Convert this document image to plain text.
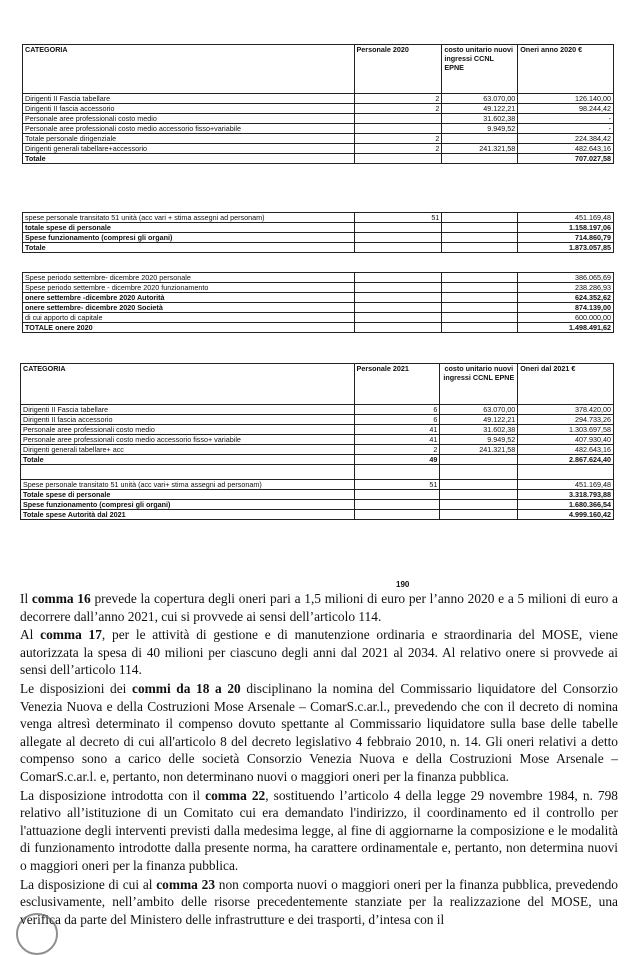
CATEGORIA	Personale 2020	costo unitario nuovi ingressi CCNL EPNE	Oneri anno 2020 €
Dirigenti II Fascia tabellare	2	63.070,00	126.140,00
Dirigenti II fascia accessorio	2	49.122,21	98.244,42
Personale aree professionali costo medio		31.602,38	-
Personale aree professionali costo medio accessorio fisso+variabile		9.949,52	-
Totale personale dirigenziale	2		224.384,42
Dirigenti generali tabellare+accessorio	2	241.321,58	482.643,16
Totale			707.027,58
spese personale transitato 51 unità (acc vari + stima assegni ad personam)	51		451.169,48
totale spese di personale			1.158.197,06
Spese funzionamento (compresi gli organi)			714.860,79
Totale			1.873.057,85
Spese periodo settembre- dicembre 2020 personale			386.065,69
Spese periodo settembre - dicembre 2020 funzionamento			238.286,93
onere settembre -dicembre 2020 Autorità			624.352,62
onere settembre- dicembre 2020 Società			874.139,00
di cui apporto di capitale			600.000,00
TOTALE onere 2020			1.498.491,62
CATEGORIA	Personale 2021	costo unitario nuovi ingressi CCNL EPNE	Oneri dal 2021 €
Dirigenti II Fascia tabellare	6	63.070,00	378.420,00
Dirigenti II fascia accessorio	6	49.122,21	294.733,26
Personale aree professionali costo medio	41	31.602,38	1.303.697,58
Personale aree professionali costo medio accessorio fisso+ variabile	41	9.949,52	407.930,40
Dirigenti generali tabellare+ acc	2	241.321,58	482.643,16
Totale	49		2.867.624,40

Spese personale transitato 51 unità (acc vari+ stima assegni ad personam)	51		451.169,48
Totale spese di personale			3.318.793,88
Spese funzionamento (compresi gli organi)			1.680.366,54
Totale spese Autorità dal 2021			4.999.160,42
190

Il comma 16 prevede la copertura degli oneri pari a 1,5 milioni di euro per l’anno 2020 e a 5 milioni di euro a decorrere dall’anno 2021, cui si provvede ai sensi dell’articolo 114.

Al comma 17, per le attività di gestione e di manutenzione ordinaria e straordinaria del MOSE, viene autorizzata la spesa di 40 milioni per ciascuno degli anni dal 2021 al 2034. Al relativo onere si provvede ai sensi dell’articolo 114.

Le disposizioni dei commi da 18 a 20 disciplinano la nomina del Commissario liquidatore del Consorzio Venezia Nuova e della Costruzioni Mose Arsenale – ComarS.c.ar.l., prevedendo che con il decreto di nomina venga altresì determinato il compenso dovuto spettante al Commissario liquidatore sulla base delle tabelle allegate al decreto di cui all'articolo 8 del decreto legislativo 4 febbraio 2010, n. 14. Gli oneri relativi a detto compenso sono a carico delle società Consorzio Venezia Nuova e della Costruzioni Mose Arsenale – ComarS.c.ar.l. e, pertanto, non determinano nuovi o maggiori oneri per la finanza pubblica.

La disposizione introdotta con il comma 22, sostituendo l’articolo 4 della legge 29 novembre 1984, n. 798 relativo all’istituzione di un Comitato cui era demandato l'indirizzo, il coordinamento ed il controllo per l'attuazione degli interventi previsti dalla medesima legge, al fine di aggiornarne la composizione e le modalità di funzionamento introdotte dalla presente norma, ha carattere ordinamentale e, pertanto, non determina nuovi o maggiori oneri per la finanza pubblica.

La disposizione di cui al comma 23 non comporta nuovi o maggiori oneri per la finanza pubblica, prevedendo esclusivamente, nell’ambito delle risorse precedentemente stanziate per la realizzazione del MOSE, una verifica da parte del Ministero delle infrastrutture e dei trasporti, d’intesa con il
